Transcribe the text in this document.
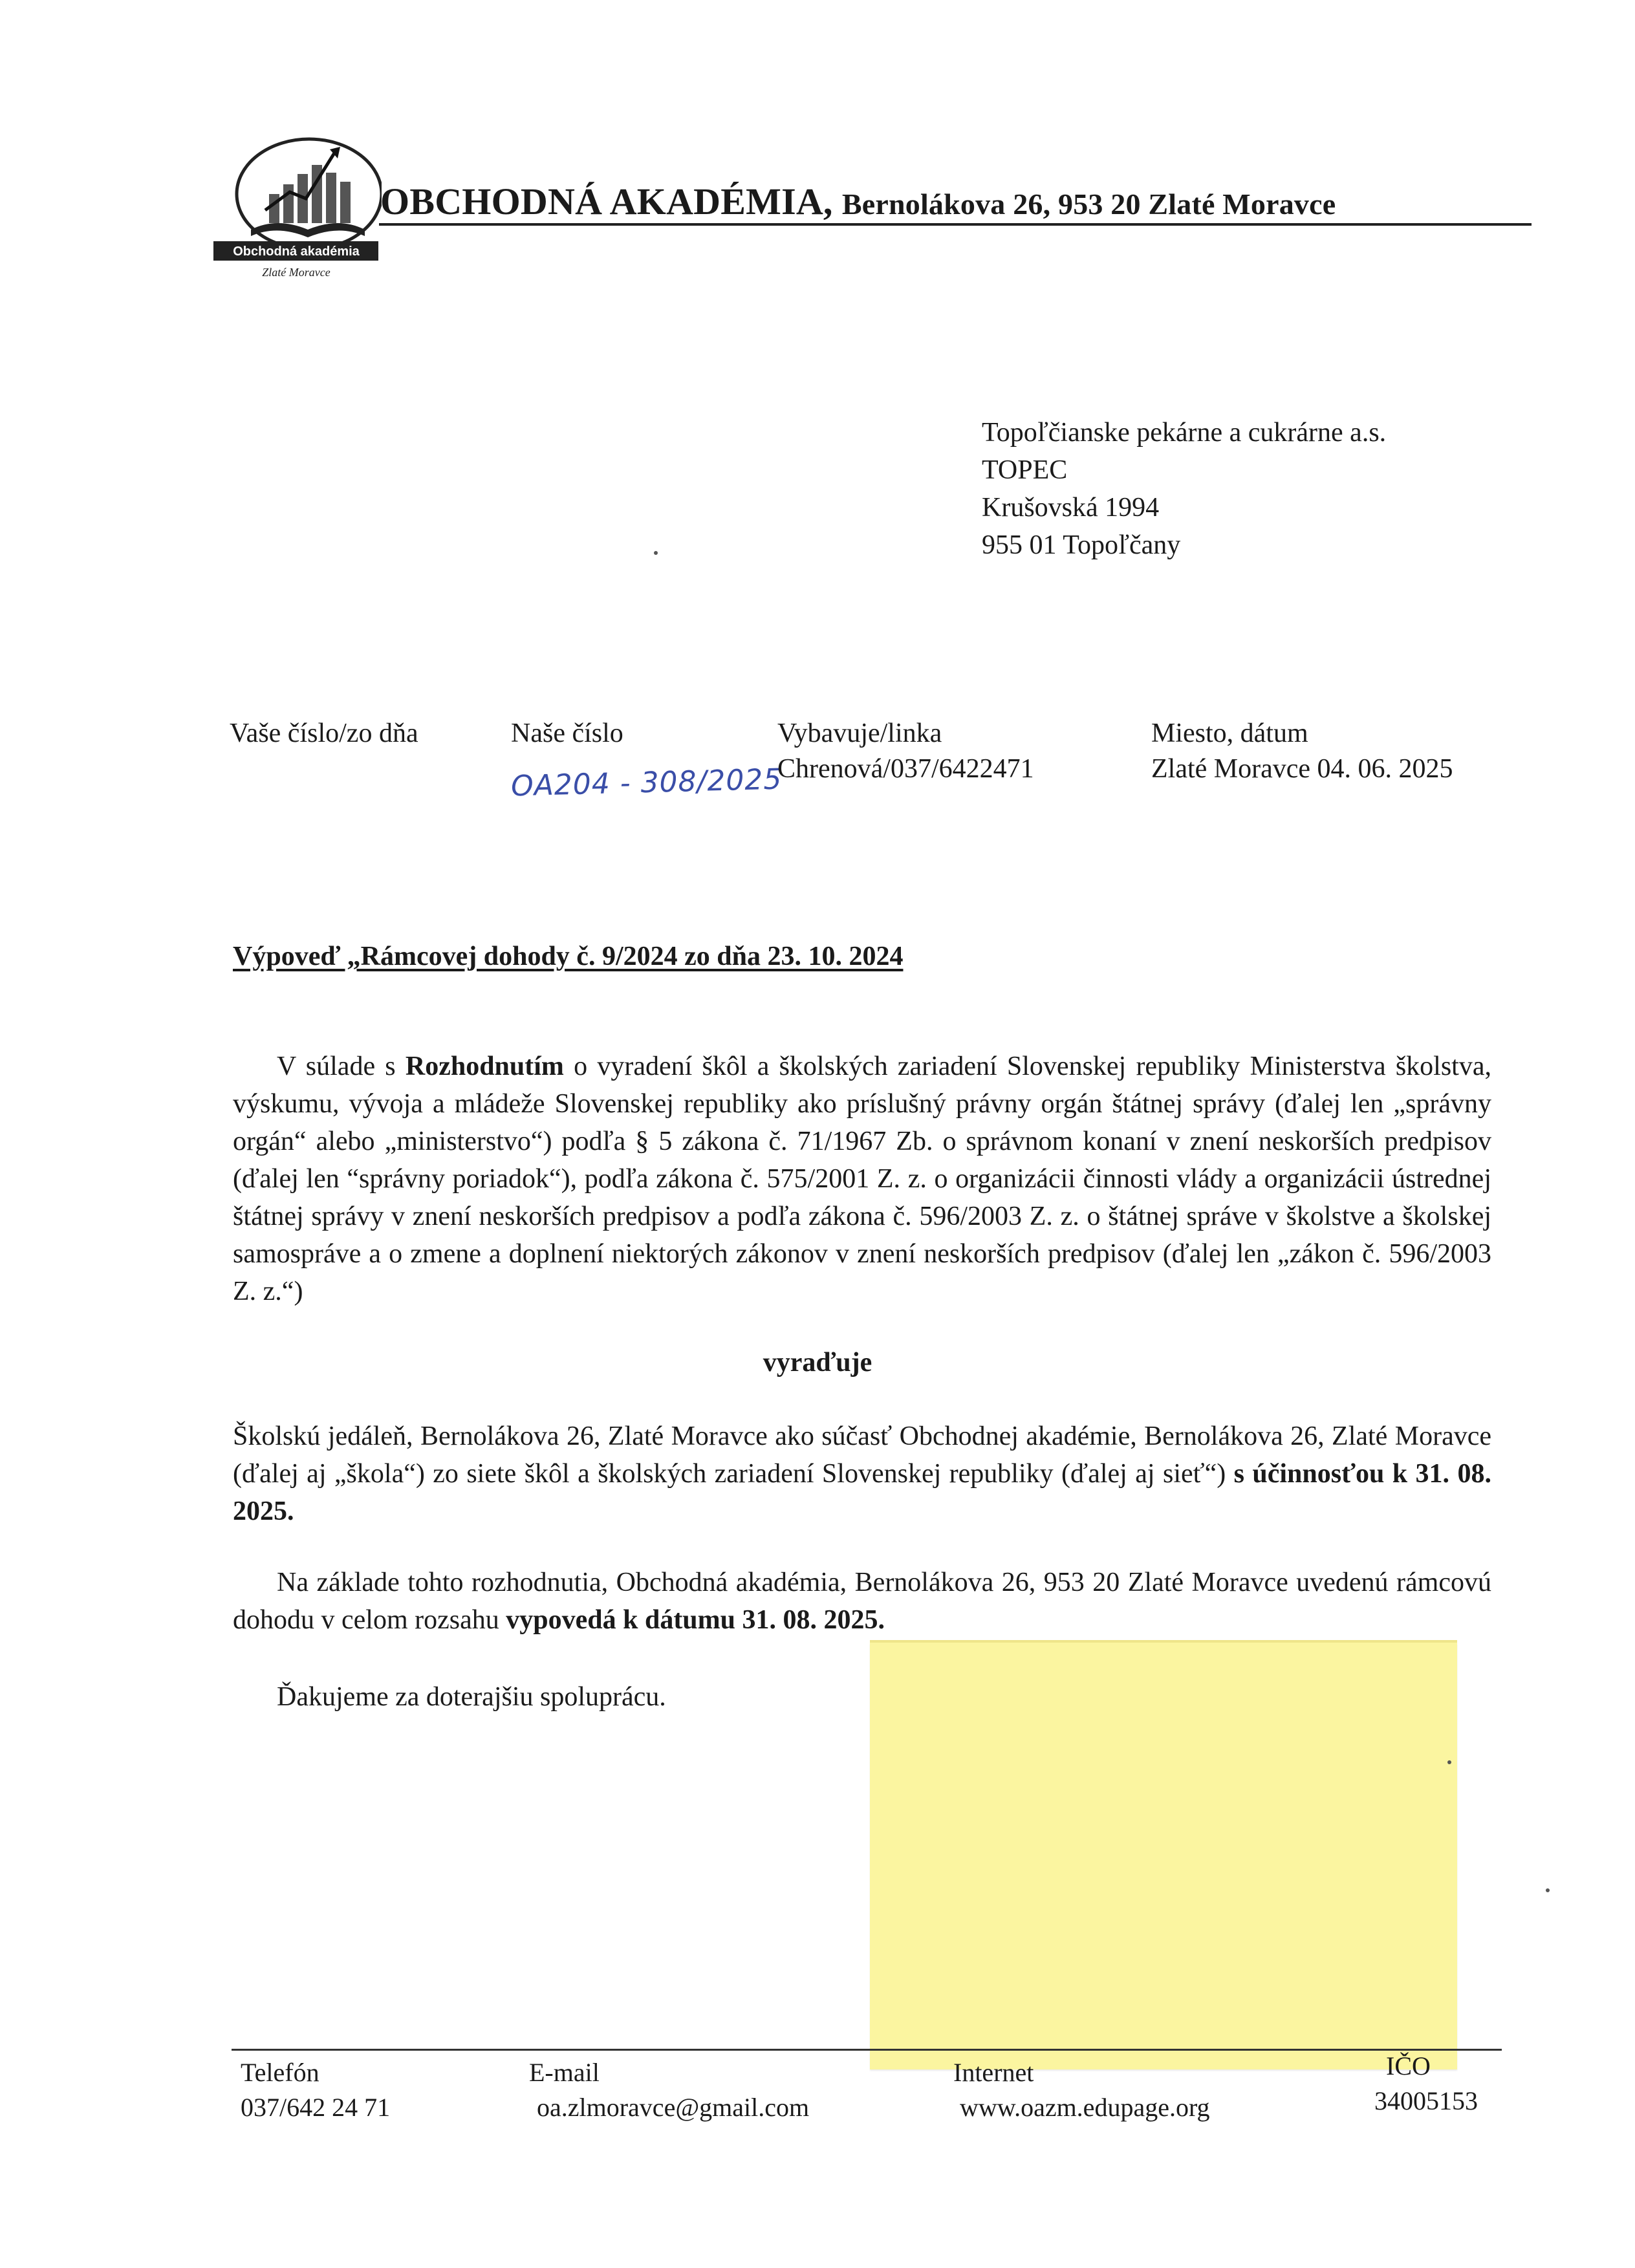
Obchodná akadémia
Zlaté Moravce
OBCHODNÁ AKADÉMIA, Bernolákova 26, 953 20 Zlaté Moravce
Topoľčianske pekárne a cukrárne a.s.
TOPEC
Krušovská 1994
955 01 Topoľčany
Vaše číslo/zo dňa	Naše číslo
OA204 - 308/2025
Vybavuje/linka
Chrenová/037/6422471
Miesto, dátum
Zlaté Moravce 04. 06. 2025
Výpoveď „Rámcovej dohody č. 9/2024 zo dňa 23. 10. 2024

V súlade s Rozhodnutím o vyradení škôl a školských zariadení Slovenskej republiky Ministerstva školstva, výskumu, vývoja a mládeže Slovenskej republiky ako príslušný právny orgán štátnej správy (ďalej len „správny orgán“ alebo „ministerstvo“) podľa § 5 zákona č. 71/1967 Zb. o správnom konaní v znení neskorších predpisov (ďalej len “správny poriadok“), podľa zákona č. 575/2001 Z. z. o organizácii činnosti vlády a organizácii ústrednej štátnej správy v znení neskorších predpisov a podľa zákona č. 596/2003 Z. z. o štátnej správe v školstve a školskej samospráve a o zmene a doplnení niektorých zákonov v znení neskorších predpisov (ďalej len „zákon č. 596/2003 Z. z.“)

vyraďuje

Školskú jedáleň, Bernolákova 26, Zlaté Moravce ako súčasť Obchodnej akadémie, Bernolákova 26, Zlaté Moravce (ďalej aj „škola“) zo siete škôl a školských zariadení Slovenskej republiky (ďalej aj sieť“) s účinnosťou k 31. 08. 2025.

Na základe tohto rozhodnutia, Obchodná akadémia, Bernolákova 26, 953 20 Zlaté Moravce uvedenú rámcovú dohodu v celom rozsahu vypovedá k dátumu 31. 08. 2025.

Ďakujeme za doterajšiu spoluprácu.
Telefón
037/642 24 71
E-mail
oa.zlmoravce@gmail.com
Internet
www.oazm.edupage.org
IČO
34005153
